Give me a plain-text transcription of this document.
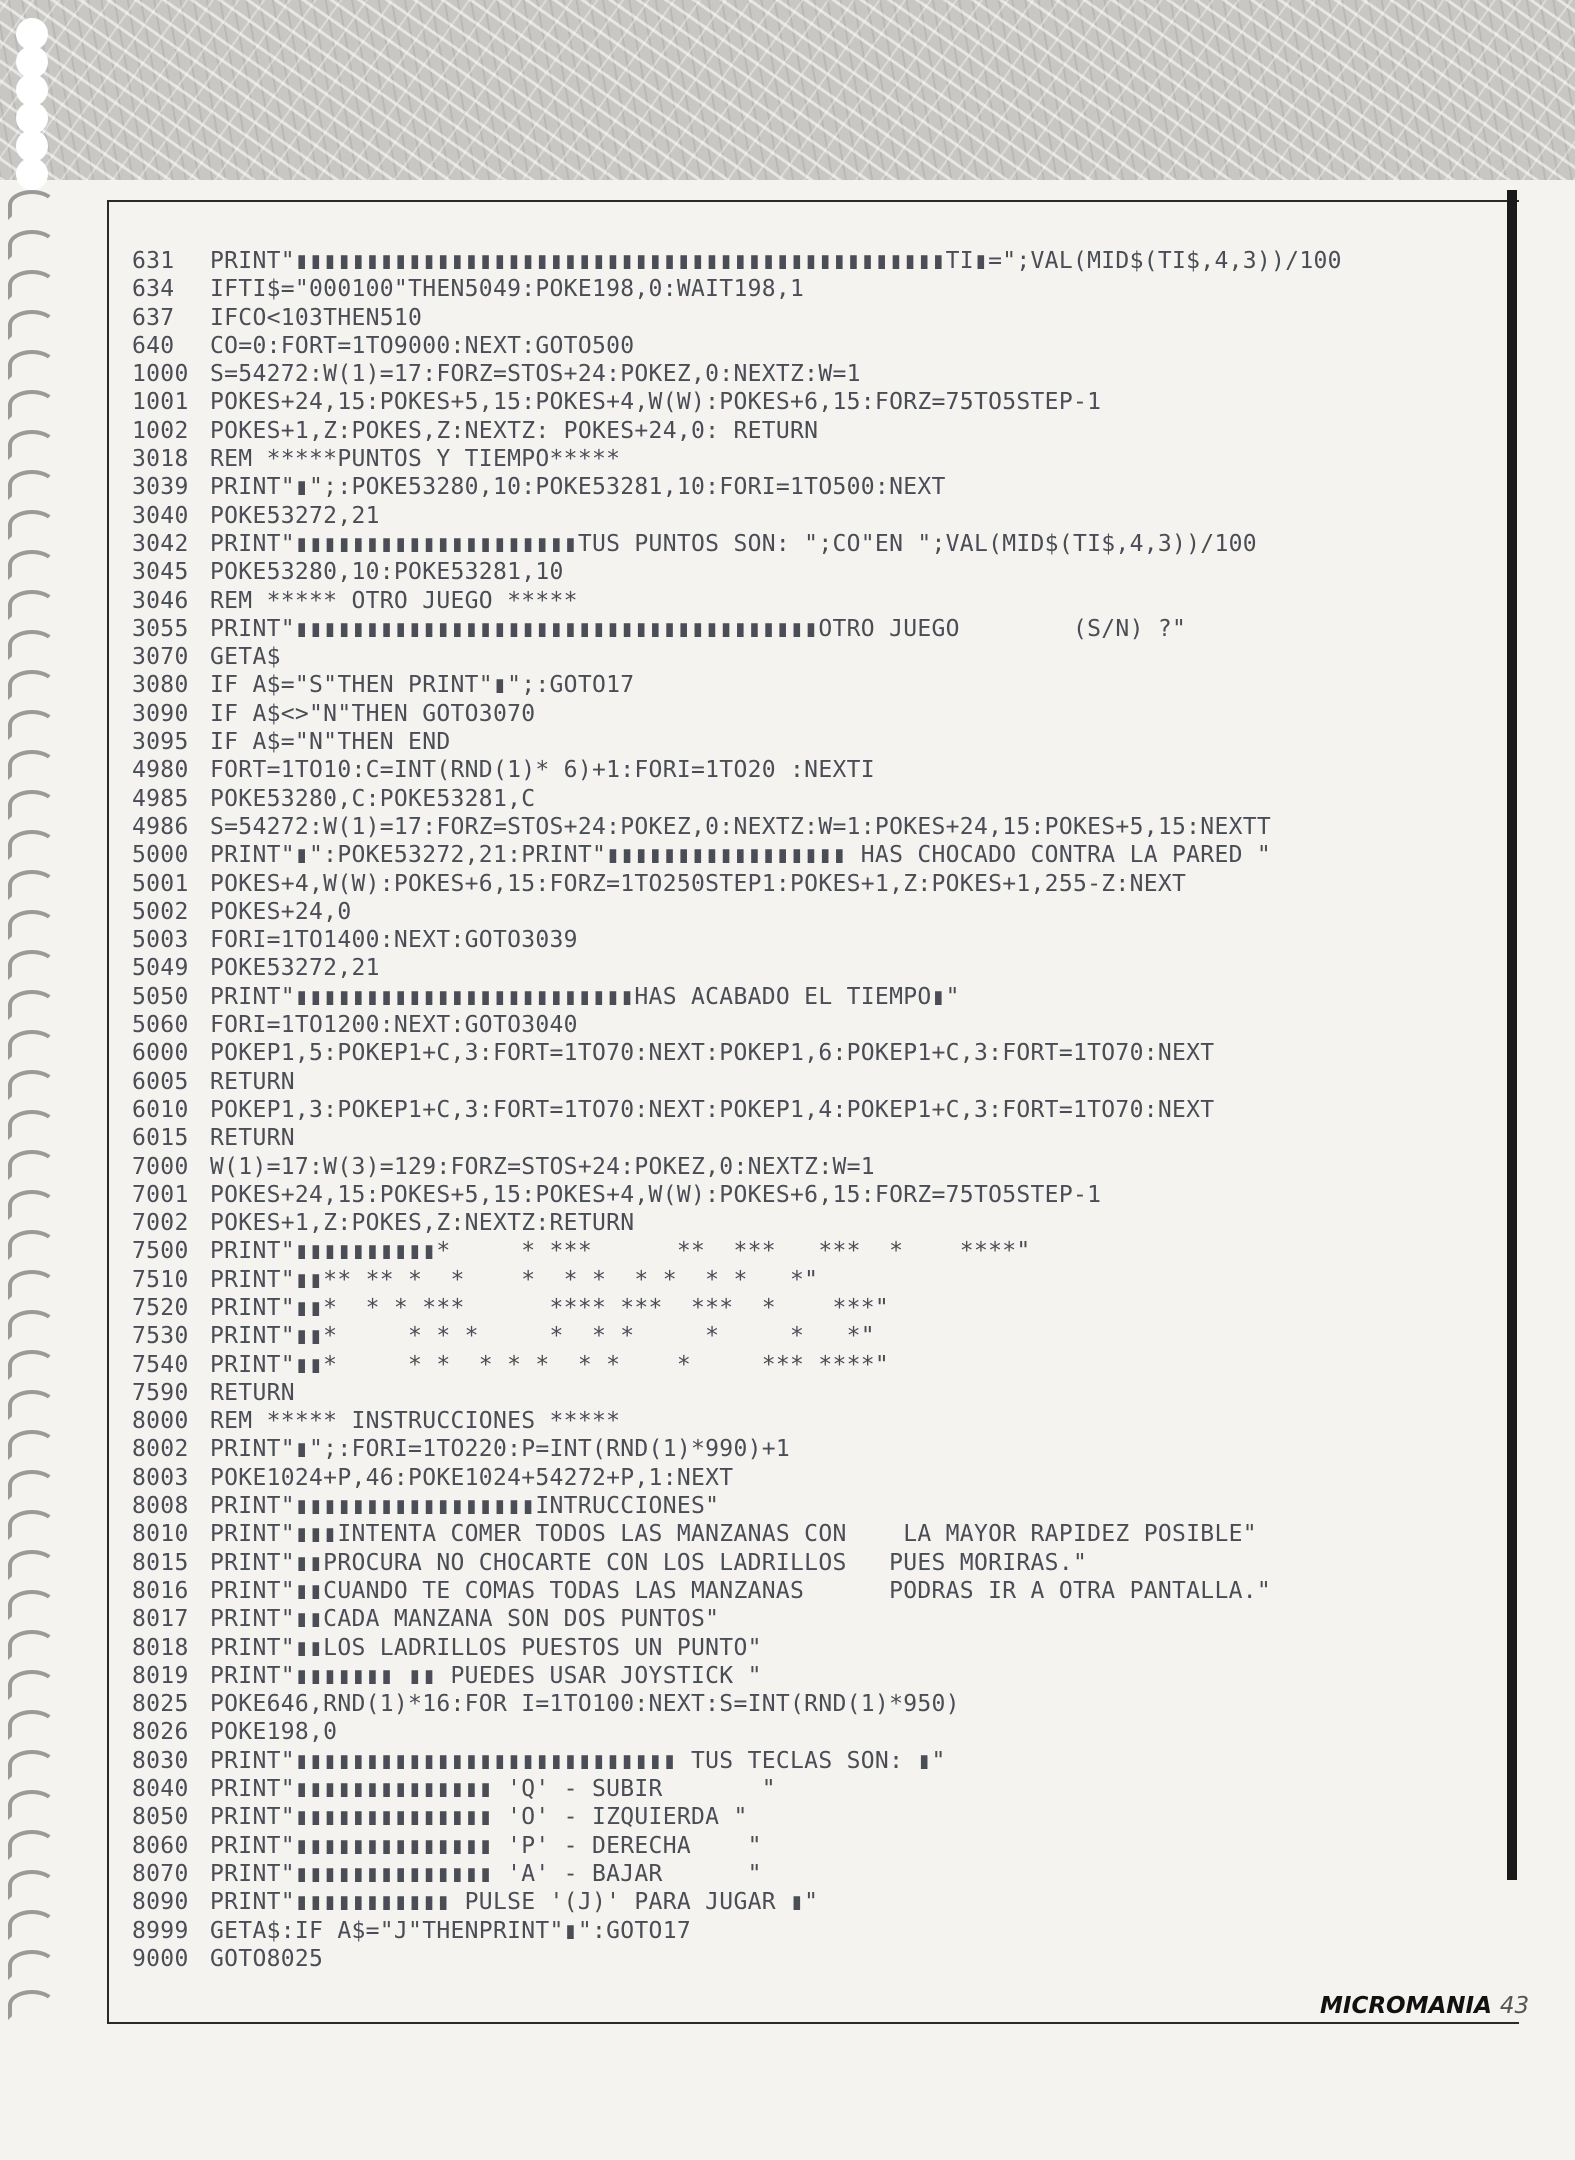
631 PRINT"▮▮▮▮▮▮▮▮▮▮▮▮▮▮▮▮▮▮▮▮▮▮▮▮▮▮▮▮▮▮▮▮▮▮▮▮▮▮▮▮▮▮▮▮▮▮TI▮=";VAL(MID$(TI$,4,3))/100
634 IFTI$="000100"THEN5049:POKE198,0:WAIT198,1
637 IFCO<103THEN510
640 CO=0:FORT=1TO9000:NEXT:GOTO500
1000 S=54272:W(1)=17:FORZ=STOS+24:POKEZ,0:NEXTZ:W=1
1001 POKES+24,15:POKES+5,15:POKES+4,W(W):POKES+6,15:FORZ=75TO5STEP-1
1002 POKES+1,Z:POKES,Z:NEXTZ: POKES+24,0: RETURN
3018 REM *****PUNTOS Y TIEMPO*****
3039 PRINT"▮";:POKE53280,10:POKE53281,10:FORI=1TO500:NEXT
3040 POKE53272,21
3042 PRINT"▮▮▮▮▮▮▮▮▮▮▮▮▮▮▮▮▮▮▮▮TUS PUNTOS SON: ";CO"EN ";VAL(MID$(TI$,4,3))/100
3045 POKE53280,10:POKE53281,10
3046 REM ***** OTRO JUEGO *****
3055 PRINT"▮▮▮▮▮▮▮▮▮▮▮▮▮▮▮▮▮▮▮▮▮▮▮▮▮▮▮▮▮▮▮▮▮▮▮▮▮OTRO JUEGO        (S/N) ?"
3070 GETA$
3080 IF A$="S"THEN PRINT"▮";:GOTO17
3090 IF A$<>"N"THEN GOTO3070
3095 IF A$="N"THEN END
4980 FORT=1TO10:C=INT(RND(1)* 6)+1:FORI=1TO20 :NEXTI
4985 POKE53280,C:POKE53281,C
4986 S=54272:W(1)=17:FORZ=STOS+24:POKEZ,0:NEXTZ:W=1:POKES+24,15:POKES+5,15:NEXTT
5000 PRINT"▮":POKE53272,21:PRINT"▮▮▮▮▮▮▮▮▮▮▮▮▮▮▮▮▮ HAS CHOCADO CONTRA LA PARED "
5001 POKES+4,W(W):POKES+6,15:FORZ=1TO250STEP1:POKES+1,Z:POKES+1,255-Z:NEXT
5002 POKES+24,0
5003 FORI=1TO1400:NEXT:GOTO3039
5049 POKE53272,21
5050 PRINT"▮▮▮▮▮▮▮▮▮▮▮▮▮▮▮▮▮▮▮▮▮▮▮▮HAS ACABADO EL TIEMPO▮"
5060 FORI=1TO1200:NEXT:GOTO3040
6000 POKEP1,5:POKEP1+C,3:FORT=1TO70:NEXT:POKEP1,6:POKEP1+C,3:FORT=1TO70:NEXT
6005 RETURN
6010 POKEP1,3:POKEP1+C,3:FORT=1TO70:NEXT:POKEP1,4:POKEP1+C,3:FORT=1TO70:NEXT
6015 RETURN
7000 W(1)=17:W(3)=129:FORZ=STOS+24:POKEZ,0:NEXTZ:W=1
7001 POKES+24,15:POKES+5,15:POKES+4,W(W):POKES+6,15:FORZ=75TO5STEP-1
7002 POKES+1,Z:POKES,Z:NEXTZ:RETURN
7500 PRINT"▮▮▮▮▮▮▮▮▮▮*     * ***      **  ***   ***  *    ****"
7510 PRINT"▮▮** ** *  *    *  * *  * *  * *   *"
7520 PRINT"▮▮*  * * ***      **** ***  ***  *    ***"
7530 PRINT"▮▮*     * * *     *  * *     *     *   *"
7540 PRINT"▮▮*     * *  * * *  * *    *     *** ****"
7590 RETURN
8000 REM ***** INSTRUCCIONES *****
8002 PRINT"▮";:FORI=1TO220:P=INT(RND(1)*990)+1
8003 POKE1024+P,46:POKE1024+54272+P,1:NEXT
8008 PRINT"▮▮▮▮▮▮▮▮▮▮▮▮▮▮▮▮▮INTRUCCIONES"
8010 PRINT"▮▮▮INTENTA COMER TODOS LAS MANZANAS CON    LA MAYOR RAPIDEZ POSIBLE"
8015 PRINT"▮▮PROCURA NO CHOCARTE CON LOS LADRILLOS   PUES MORIRAS."
8016 PRINT"▮▮CUANDO TE COMAS TODAS LAS MANZANAS      PODRAS IR A OTRA PANTALLA."
8017 PRINT"▮▮CADA MANZANA SON DOS PUNTOS"
8018 PRINT"▮▮LOS LADRILLOS PUESTOS UN PUNTO"
8019 PRINT"▮▮▮▮▮▮▮ ▮▮ PUEDES USAR JOYSTICK "
8025 POKE646,RND(1)*16:FOR I=1TO100:NEXT:S=INT(RND(1)*950)
8026 POKE198,0
8030 PRINT"▮▮▮▮▮▮▮▮▮▮▮▮▮▮▮▮▮▮▮▮▮▮▮▮▮▮▮ TUS TECLAS SON: ▮"
8040 PRINT"▮▮▮▮▮▮▮▮▮▮▮▮▮▮ 'Q' - SUBIR       "
8050 PRINT"▮▮▮▮▮▮▮▮▮▮▮▮▮▮ 'O' - IZQUIERDA "
8060 PRINT"▮▮▮▮▮▮▮▮▮▮▮▮▮▮ 'P' - DERECHA    "
8070 PRINT"▮▮▮▮▮▮▮▮▮▮▮▮▮▮ 'A' - BAJAR      "
8090 PRINT"▮▮▮▮▮▮▮▮▮▮▮ PULSE '(J)' PARA JUGAR ▮"
8999 GETA$:IF A$="J"THENPRINT"▮":GOTO17
9000 GOTO8025
MICROMANIA 43
